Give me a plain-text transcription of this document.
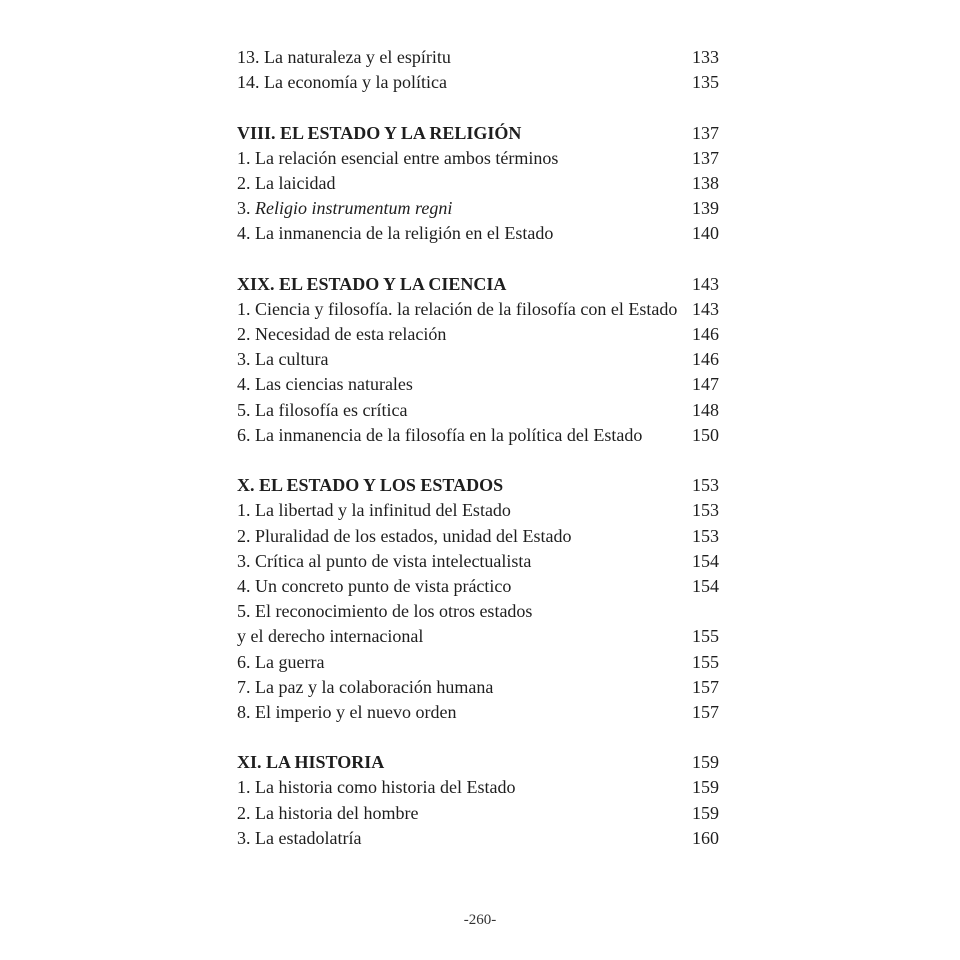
13. La naturaleza y el espíritu	133
14. La economía y la política	135
VIII. EL ESTADO Y LA RELIGIÓN	137
1. La relación esencial entre ambos términos	137
2. La laicidad	138
3. Religio instrumentum regni	139
4. La inmanencia de la religión en el Estado	140
XIX. EL ESTADO Y LA CIENCIA	143
1. Ciencia y filosofía. la relación de la filosofía con el Estado 143
2. Necesidad de esta relación	146
3. La cultura	146
4. Las ciencias naturales	147
5. La filosofía es crítica	148
6. La inmanencia de la filosofía en la política del Estado	150
X. EL ESTADO Y LOS ESTADOS	153
1. La libertad y la infinitud del Estado	153
2. Pluralidad de los estados, unidad del Estado	153
3. Crítica al punto de vista intelectualista	154
4. Un concreto punto de vista práctico	154
5. El reconocimiento de los otros estados
y el derecho internacional	155
6. La guerra	155
7. La paz y la colaboración humana	157
8. El imperio y el nuevo orden	157
XI. LA HISTORIA	159
1. La historia como historia del Estado	159
2. La historia del hombre	159
3. La estadolatría	160
-260-
